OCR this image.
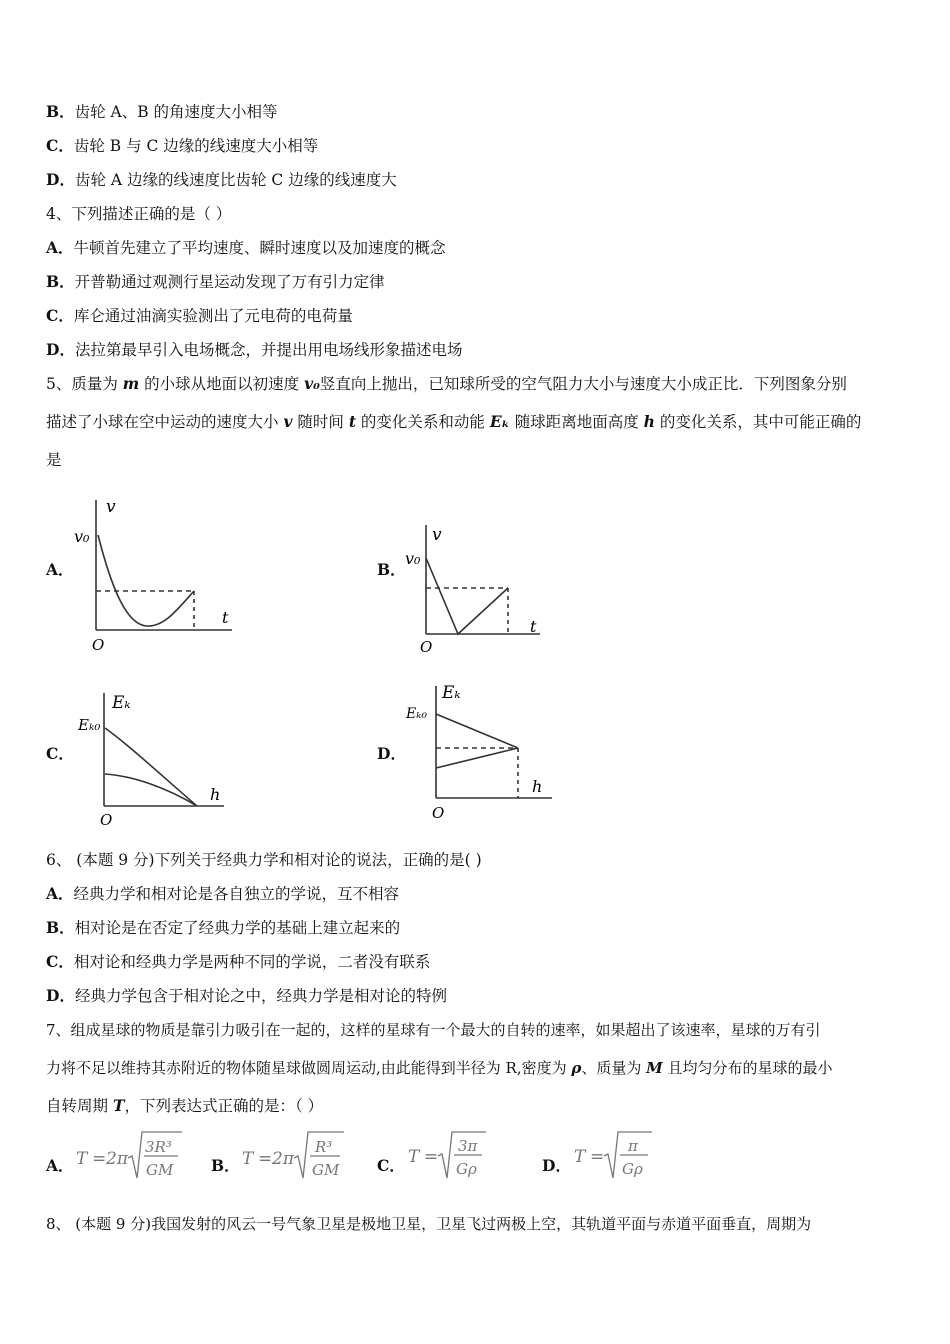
B．齿轮 A、B 的角速度大小相等
C．齿轮 B 与 C 边缘的线速度大小相等
D．齿轮 A 边缘的线速度比齿轮 C 边缘的线速度大
4、下列描述正确的是（ ）
A．牛顿首先建立了平均速度、瞬时速度以及加速度的概念
B．开普勒通过观测行星运动发现了万有引力定律
C．库仑通过油滴实验测出了元电荷的电荷量
D．法拉第最早引入电场概念，并提出用电场线形象描述电场
5、质量为 m 的小球从地面以初速度 v₀竖直向上抛出，已知球所受的空气阻力大小与速度大小成正比．下列图象分别
描述了小球在空中运动的速度大小 v 随时间 t 的变化关系和动能 Eₖ 随球距离地面高度 h 的变化关系，其中可能正确的
是
A．	B．
C．	D．
v
v₀
t
O
v
v₀
t
O
Eₖ
Eₖ₀
h
O
Eₖ
Eₖ₀
h
O
6、 (本题 9 分)下列关于经典力学和相对论的说法，正确的是( )
A．经典力学和相对论是各自独立的学说，互不相容
B．相对论是在否定了经典力学的基础上建立起来的
C．相对论和经典力学是两种不同的学说，二者没有联系
D．经典力学包含于相对论之中，经典力学是相对论的特例
7、组成星球的物质是靠引力吸引在一起的，这样的星球有一个最大的自转的速率，如果超出了该速率，星球的万有引
力将不足以维持其赤附近的物体随星球做圆周运动,由此能得到半径为 R,密度为 ρ、质量为 M 且均匀分布的星球的最小
自转周期 T，下列表达式正确的是：（ ）
A．	B．	C．	D．
T = 2π
3R³
GM
T = 2π
R³
GM
T =
3π
Gρ
T =
π
Gρ
8、 (本题 9 分)我国发射的风云一号气象卫星是极地卫星，卫星飞过两极上空，其轨道平面与赤道平面垂直，周期为
